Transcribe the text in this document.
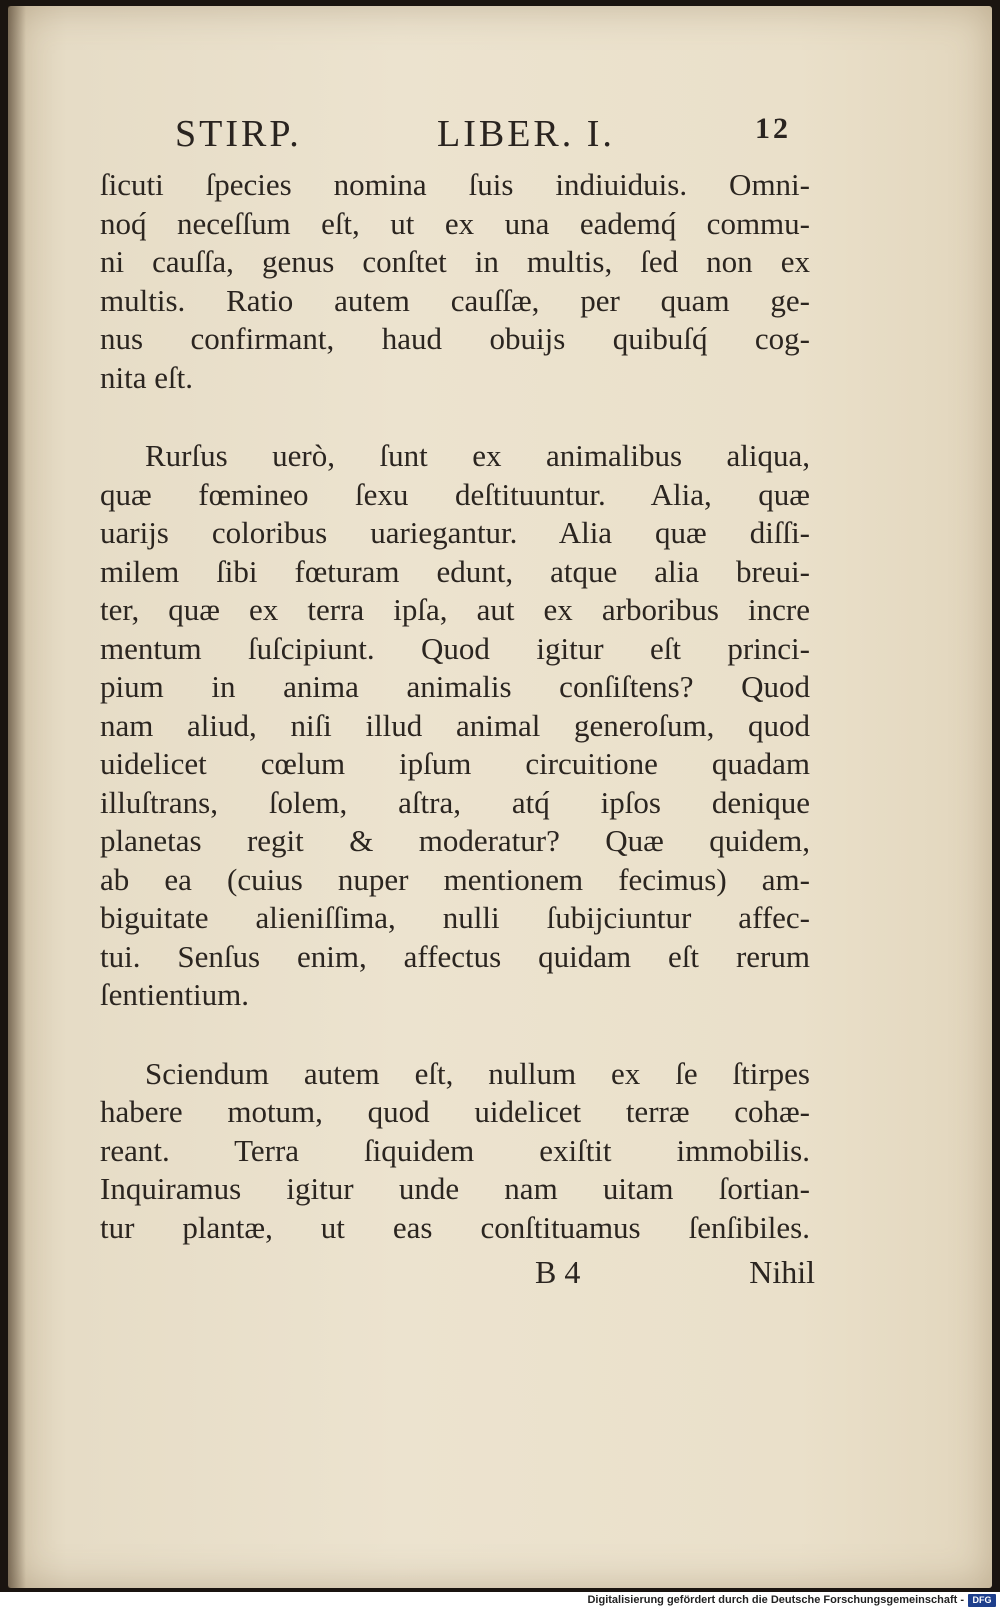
STIRP.	LIBER. I.	12
ſicuti ſpecies nomina ſuis indiuiduis. Omni-
noq́ neceſſum eſt, ut ex una eademq́ commu-
ni cauſſa, genus conſtet in multis, ſed non ex
multis. Ratio autem cauſſæ, per quam ge-
nus confirmant, haud obuijs quibuſq́ cog-
nita eſt.
Rurſus uerò, ſunt ex animalibus aliqua,
quæ fœmineo ſexu deſtituuntur. Alia, quæ
uarijs coloribus uariegantur. Alia quæ diſſi-
milem ſibi fœturam edunt, atque alia breui-
ter, quæ ex terra ipſa, aut ex arboribus incre
mentum ſuſcipiunt. Quod igitur eſt princi-
pium in anima animalis conſiſtens? Quod
nam aliud, niſi illud animal generoſum, quod
uidelicet cœlum ipſum circuitione quadam
illuſtrans, ſolem, aſtra, atq́ ipſos denique
planetas regit & moderatur? Quæ quidem,
ab ea (cuius nuper mentionem fecimus) am-
biguitate alieniſſima, nulli ſubijciuntur affec-
tui. Senſus enim, affectus quidam eſt rerum
ſentientium.
Sciendum autem eſt, nullum ex ſe ſtirpes
habere motum, quod uidelicet terræ cohæ-
reant. Terra ſiquidem exiſtit immobilis.
Inquiramus igitur unde nam uitam ſortian-
tur plantæ, ut eas conſtituamus ſenſibiles.
B 4	Nihil
Digitalisierung gefördert durch die Deutsche Forschungsgemeinschaft - DFG
